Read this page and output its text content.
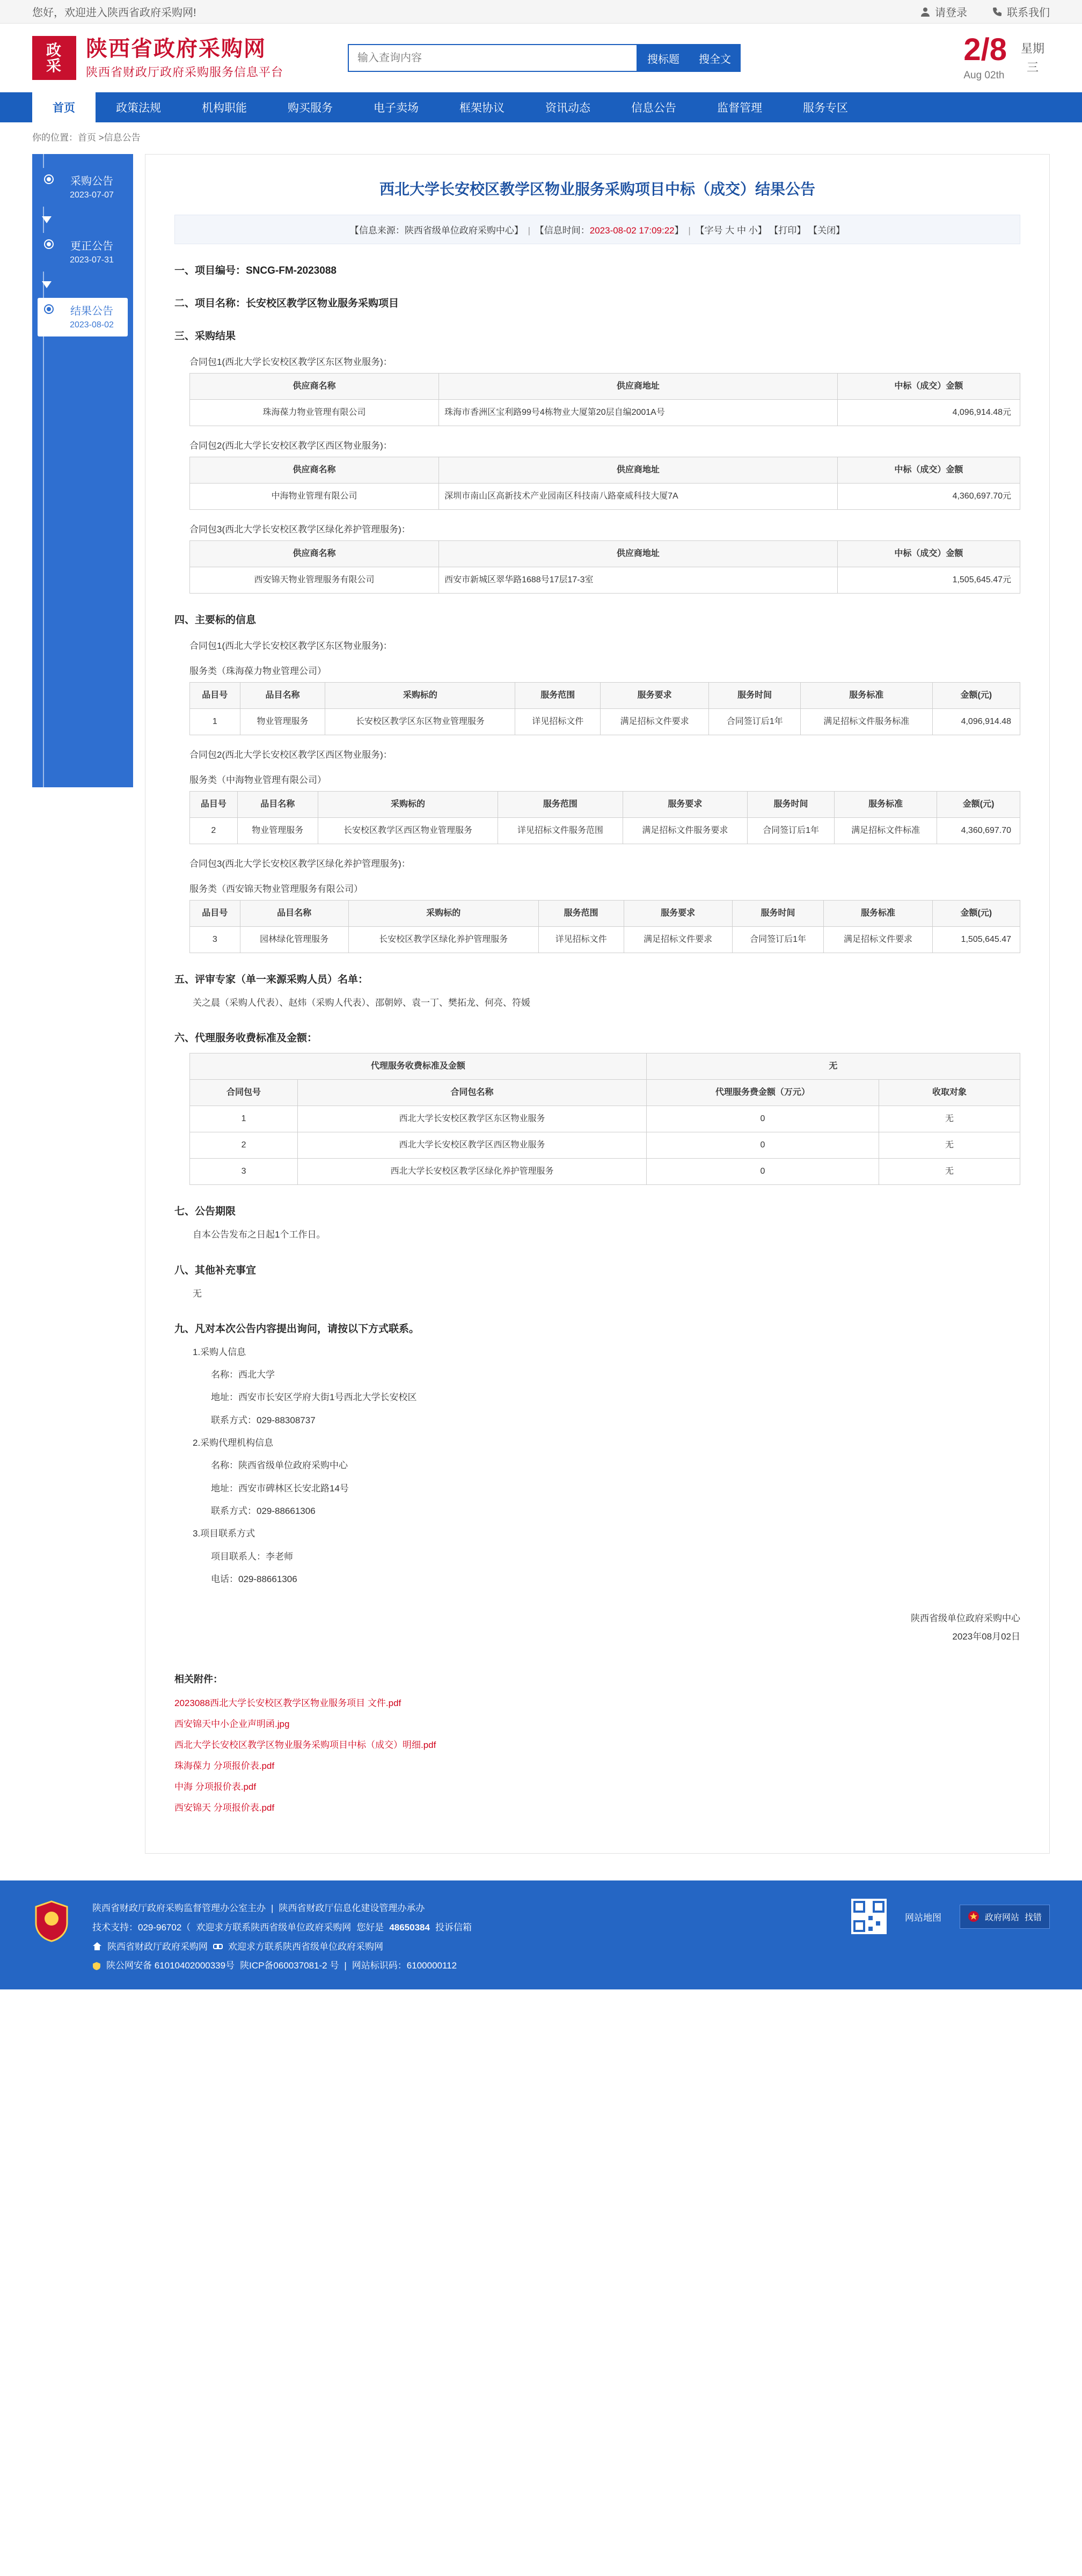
您好，欢迎进入陕西省政府采购网!	请登录	联系我们
政
采
陕西省政府采购网
陕西省财政厅政府采购服务信息平台
输入查询内容
搜标题	搜全文	2/8
Aug 02th
星期
三
首页	政策法规	机构职能	购买服务	电子卖场	框架协议	资讯动态	信息公告	监督管理	服务专区
你的位置：首页 >信息公告
采购公告
2023-07-07
更正公告
2023-07-31
结果公告
2023-08-02
西北大学长安校区教学区物业服务采购项目中标（成交）结果公告
【信息来源：陕西省级单位政府采购中心】 | 【信息时间：2023-08-02 17:09:22】 | 【字号 大 中 小】 【打印】 【关闭】
一、项目编号：SNCG-FM-2023088
二、项目名称：长安校区教学区物业服务采购项目
三、采购结果

合同包1(西北大学长安校区教学区东区物业服务)：

供应商名称	供应商地址	中标（成交）金额
珠海葆力物业管理有限公司	珠海市香洲区宝利路99号4栋物业大厦第20层自编2001A号	4,096,914.48元

合同包2(西北大学长安校区教学区西区物业服务)：

供应商名称	供应商地址	中标（成交）金额
中海物业管理有限公司	深圳市南山区高新技术产业园南区科技南八路豪威科技大厦7A	4,360,697.70元

合同包3(西北大学长安校区教学区绿化养护管理服务)：

供应商名称	供应商地址	中标（成交）金额
西安锦天物业管理服务有限公司	西安市新城区翠华路1688号17层17-3室	1,505,645.47元
四、主要标的信息

合同包1(西北大学长安校区教学区东区物业服务)：

服务类（珠海葆力物业管理公司）

品目号	品目名称	采购标的	服务范围	服务要求	服务时间	服务标准	金额(元)
1	物业管理服务	长安校区教学区东区物业管理服务	详见招标文件	满足招标文件要求	合同签订后1年	满足招标文件服务标准	4,096,914.48

合同包2(西北大学长安校区教学区西区物业服务)：

服务类（中海物业管理有限公司）

品目号	品目名称	采购标的	服务范围	服务要求	服务时间	服务标准	金额(元)
2	物业管理服务	长安校区教学区西区物业管理服务	详见招标文件服务范围	满足招标文件服务要求	合同签订后1年	满足招标文件标准	4,360,697.70

合同包3(西北大学长安校区教学区绿化养护管理服务)：

服务类（西安锦天物业管理服务有限公司）

品目号	品目名称	采购标的	服务范围	服务要求	服务时间	服务标准	金额(元)
3	园林绿化管理服务	长安校区教学区绿化养护管理服务	详见招标文件	满足招标文件要求	合同签订后1年	满足招标文件要求	1,505,645.47
五、评审专家（单一来源采购人员）名单：

关之晨（采购人代表）、赵炜（采购人代表）、邵朝婷、袁一丁、樊拓龙、何亮、符媛

六、代理服务收费标准及金额：
代理服务收费标准及金额		无	
合同包号	合同包名称	代理服务费金额（万元）	收取对象
1	西北大学长安校区教学区东区物业服务	0	无
2	西北大学长安校区教学区西区物业服务	0	无
3	西北大学长安校区教学区绿化养护管理服务	0	无
七、公告期限

自本公告发布之日起1个工作日。

八、其他补充事宜

无

九、凡对本次公告内容提出询问，请按以下方式联系。

1.采购人信息

名称：西北大学

地址：西安市长安区学府大街1号西北大学长安校区

联系方式：029-88308737

2.采购代理机构信息

名称：陕西省级单位政府采购中心

地址：西安市碑林区长安北路14号

联系方式：029-88661306

3.项目联系方式

项目联系人：李老师

电话：029-88661306

陕西省级单位政府采购中心
2023年08月02日
相关附件：
2023088西北大学长安校区教学区物业服务项目 文件.pdf
西安锦天中小企业声明函.jpg
西北大学长安校区教学区物业服务采购项目中标（成交）明细.pdf
珠海葆力 分项报价表.pdf
中海 分项报价表.pdf
西安锦天 分项报价表.pdf
陕西省财政厅政府采购监督管理办公室主办 | 陕西省财政厅信息化建设管理办承办
技术支持：029-96702（ 欢迎求方联系陕西省级单位政府采购网 您好是 48650384 投诉信箱
陕西省财政厅政府采购网 欢迎求方联系陕西省级单位政府采购网
陕公网安备 61010402000339号 陕ICP备060037081-2 号 | 网站标识码：6100000112
网站地图	政府网站 找错
